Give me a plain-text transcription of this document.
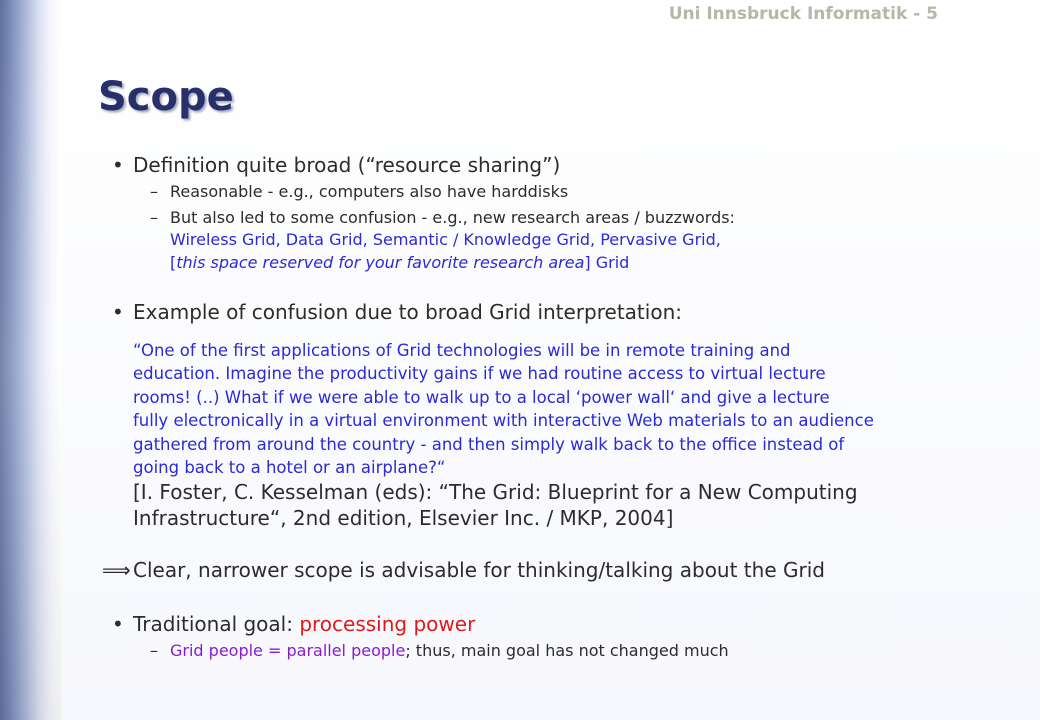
Uni Innsbruck Informatik - 5
Scope
• Definition quite broad (“resource sharing”)
– Reasonable - e.g., computers also have harddisks
– But also led to some confusion - e.g., new research areas / buzzwords:
Wireless Grid, Data Grid, Semantic / Knowledge Grid, Pervasive Grid,
[this space reserved for your favorite research area] Grid
• Example of confusion due to broad Grid interpretation:
“One of the first applications of Grid technologies will be in remote training and
education. Imagine the productivity gains if we had routine access to virtual lecture
rooms! (..) What if we were able to walk up to a local ‘power wall‘ and give a lecture
fully electronically in a virtual environment with interactive Web materials to an audience
gathered from around the country - and then simply walk back to the office instead of
going back to a hotel or an airplane?“
[I. Foster, C. Kesselman (eds): “The Grid: Blueprint for a New Computing
Infrastructure“, 2nd edition, Elsevier Inc. / MKP, 2004]
⟹ Clear, narrower scope is advisable for thinking/talking about the Grid
• Traditional goal: processing power
– Grid people = parallel people; thus, main goal has not changed much
